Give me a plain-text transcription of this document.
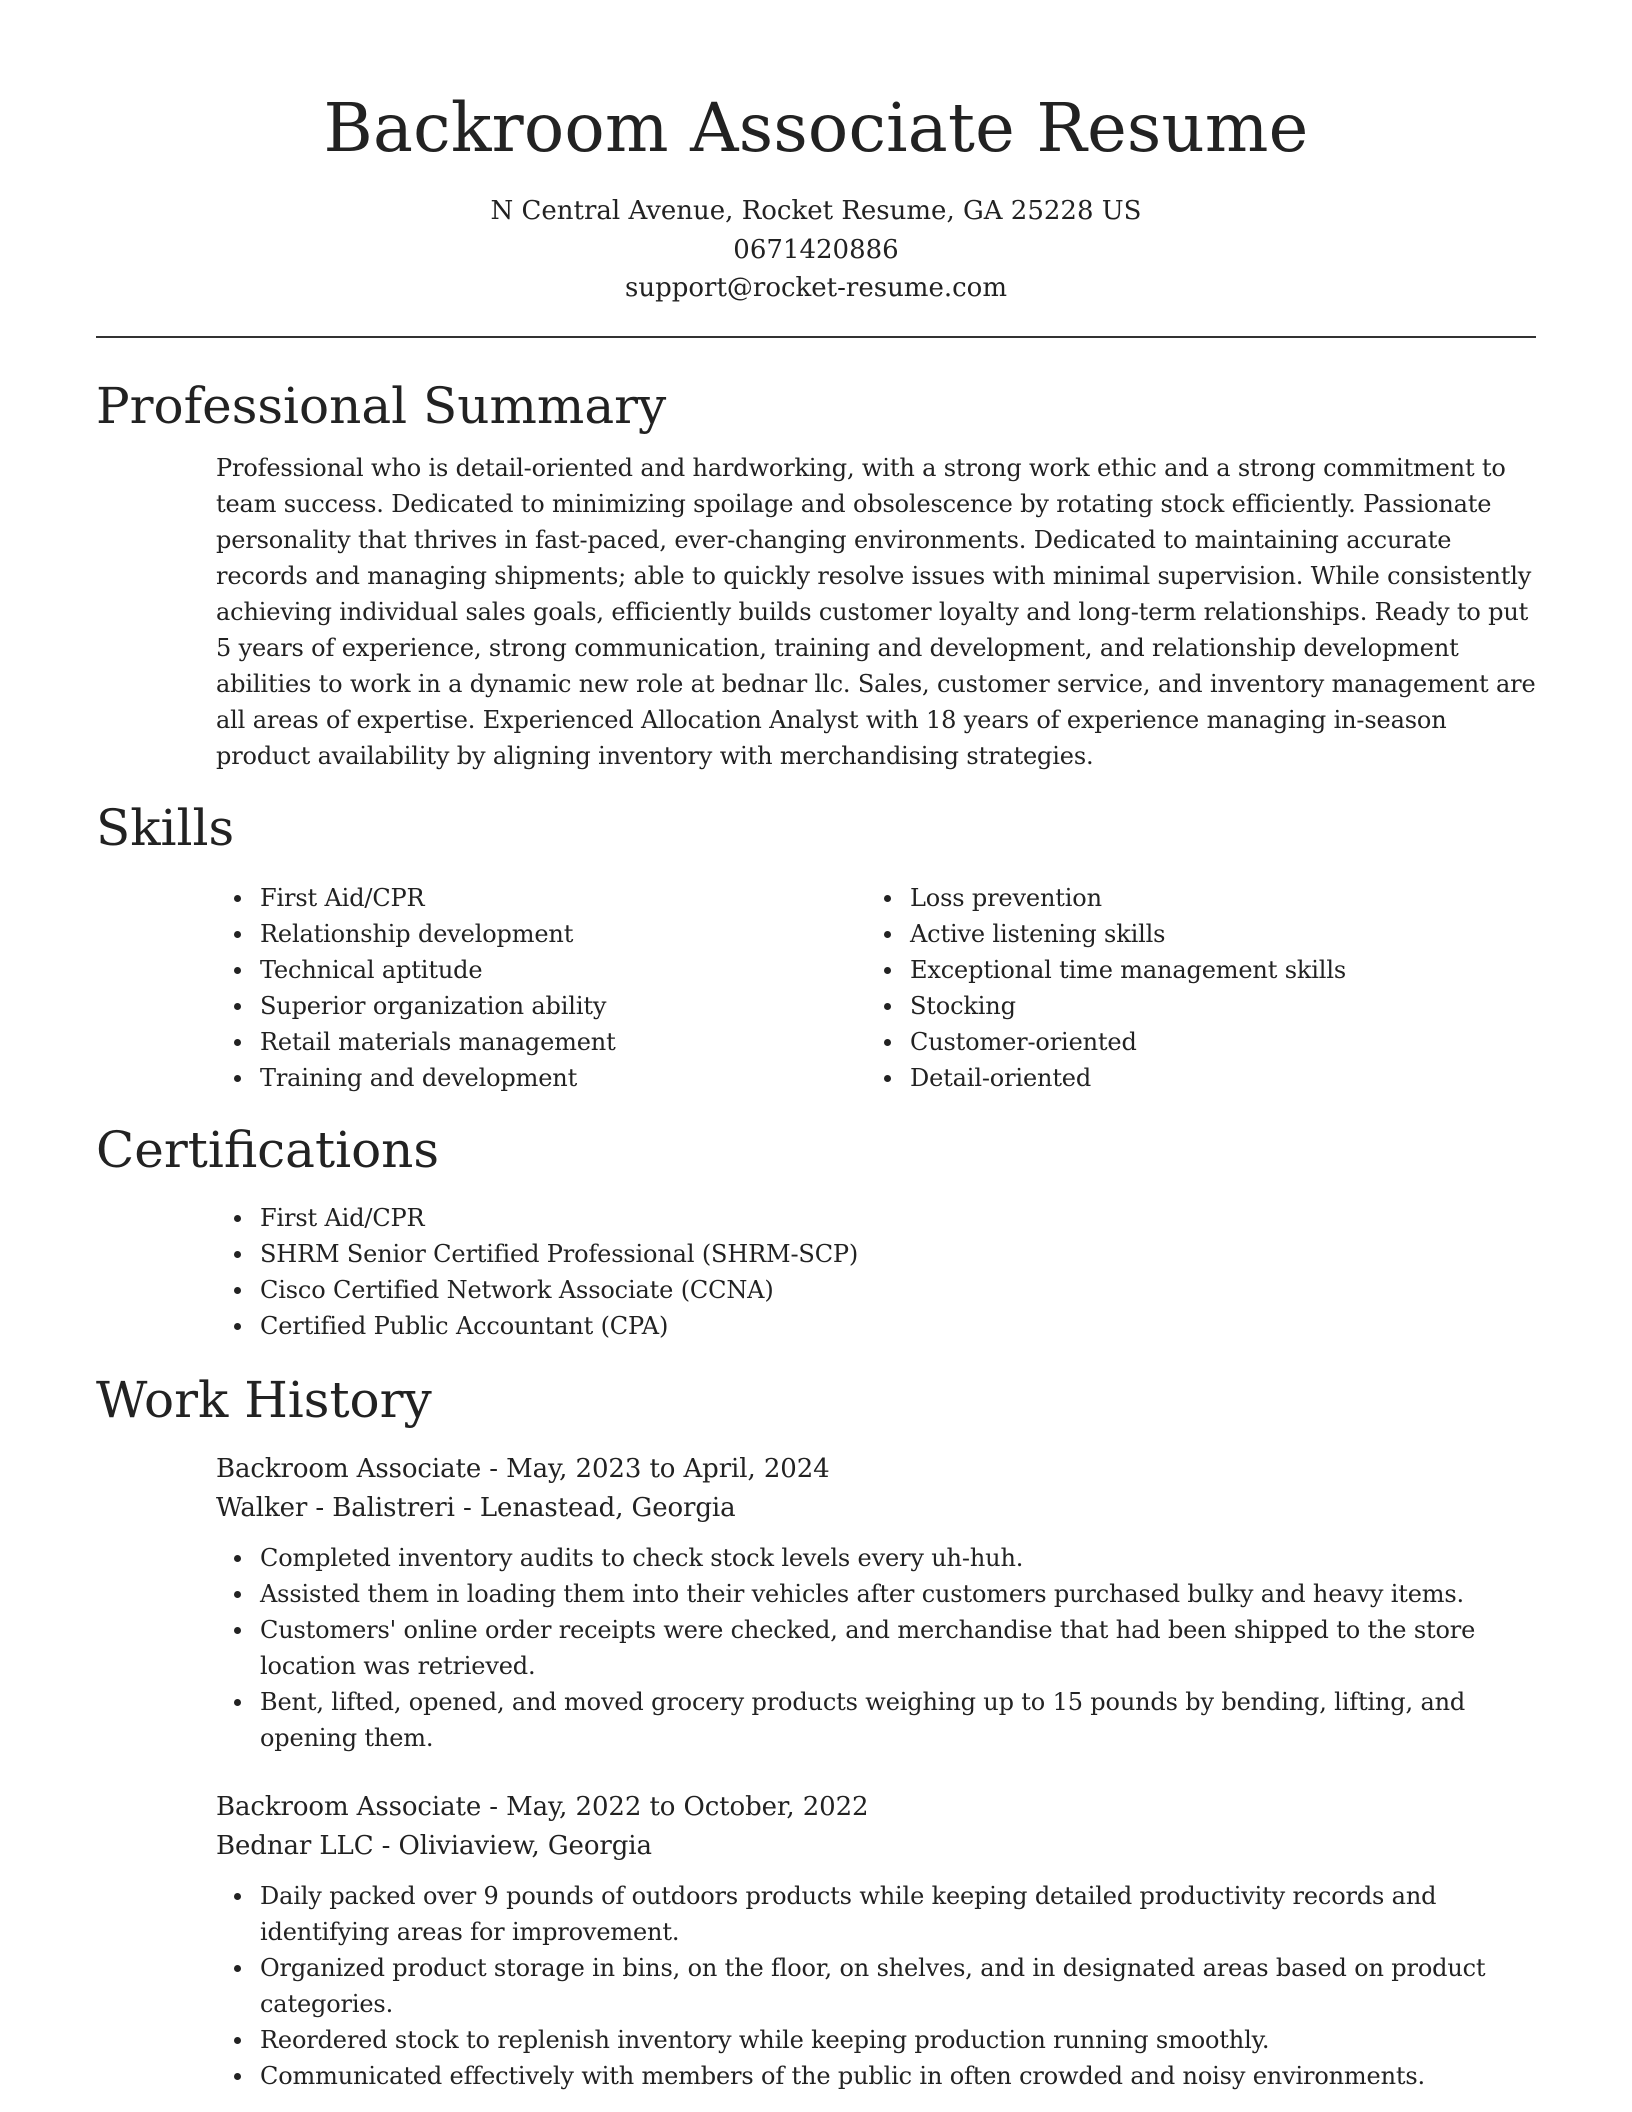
Backroom Associate Resume
N Central Avenue, Rocket Resume, GA 25228 US
0671420886
support@rocket-resume.com
Professional Summary

Professional who is detail-oriented and hardworking, with a strong work ethic and a strong commitment to team success. Dedicated to minimizing spoilage and obsolescence by rotating stock efficiently. Passionate personality that thrives in fast-paced, ever-changing environments. Dedicated to maintaining accurate records and managing shipments; able to quickly resolve issues with minimal supervision. While consistently achieving individual sales goals, efficiently builds customer loyalty and long-term relationships. Ready to put 5 years of experience, strong communication, training and development, and relationship development abilities to work in a dynamic new role at bednar llc. Sales, customer service, and inventory management are all areas of expertise. Experienced Allocation Analyst with 18 years of experience managing in-season product availability by aligning inventory with merchandising strategies.

Skills
First Aid/CPR
Relationship development
Technical aptitude
Superior organization ability
Retail materials management
Training and development
Loss prevention
Active listening skills
Exceptional time management skills
Stocking
Customer-oriented
Detail-oriented
Certifications
First Aid/CPR
SHRM Senior Certified Professional (SHRM-SCP)
Cisco Certified Network Associate (CCNA)
Certified Public Accountant (CPA)
Work History
Backroom Associate - May, 2023 to April, 2024
Walker - Balistreri - Lenastead, Georgia
Completed inventory audits to check stock levels every uh-huh.
Assisted them in loading them into their vehicles after customers purchased bulky and heavy items.
Customers' online order receipts were checked, and merchandise that had been shipped to the store location was retrieved.
Bent, lifted, opened, and moved grocery products weighing up to 15 pounds by bending, lifting, and opening them.
Backroom Associate - May, 2022 to October, 2022
Bednar LLC - Oliviaview, Georgia
Daily packed over 9 pounds of outdoors products while keeping detailed productivity records and identifying areas for improvement.
Organized product storage in bins, on the floor, on shelves, and in designated areas based on product categories.
Reordered stock to replenish inventory while keeping production running smoothly.
Communicated effectively with members of the public in often crowded and noisy environments.
